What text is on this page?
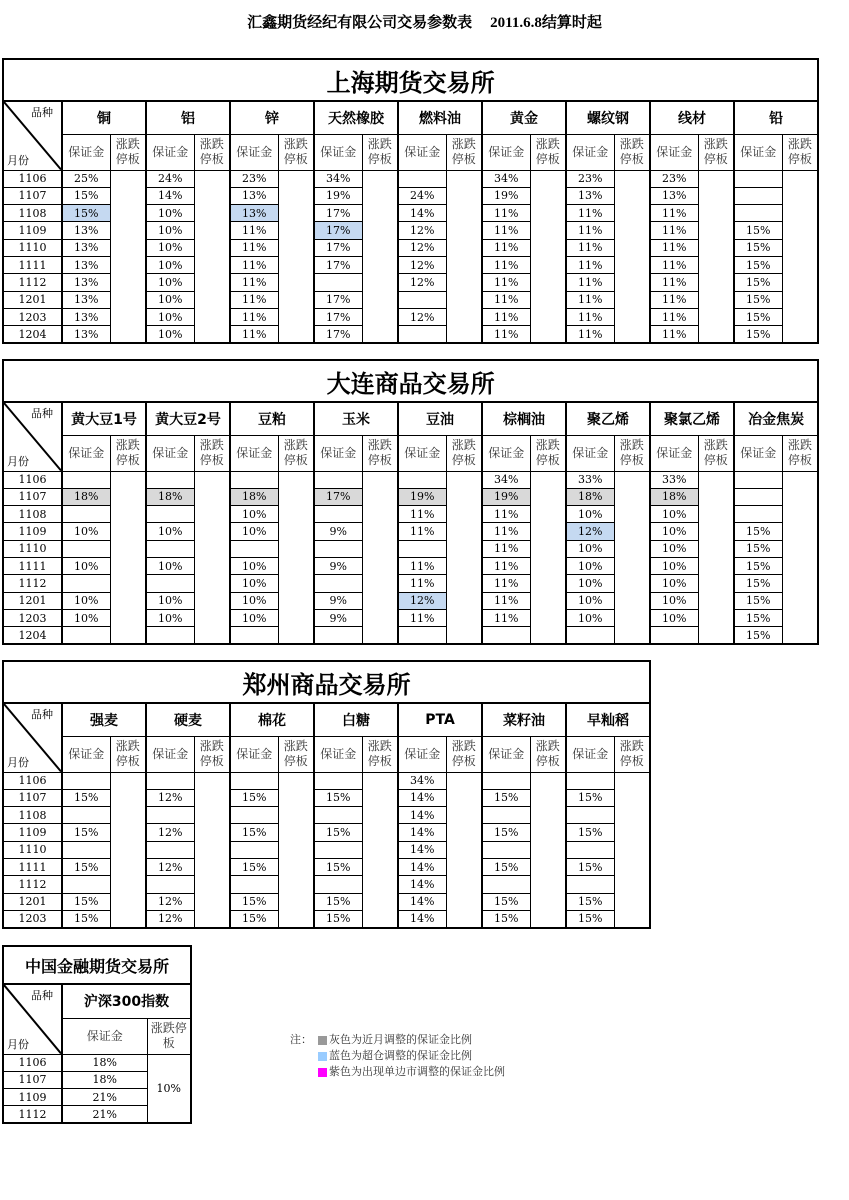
汇鑫期货经纪有限公司交易参数表 2011.6.8结算时起
上海期货交易所																		

品种
月份	铜		铝		锌		天然橡胶		燃料油		黄金		螺纹钢		线材		铅	
	保证金	涨跌停板	保证金	涨跌停板	保证金	涨跌停板	保证金	涨跌停板	保证金	涨跌停板	保证金	涨跌停板	保证金	涨跌停板	保证金	涨跌停板	保证金	涨跌停板
1106	25%		24%		23%		34%				34%		23%		23%			
1107	15%		14%		13%		19%		24%		19%		13%		13%			
1108	15%		10%		13%		17%		14%		11%		11%		11%			
1109	13%		10%		11%		17%		12%		11%		11%		11%		15%	
1110	13%		10%		11%		17%		12%		11%		11%		11%		15%	
1111	13%		10%		11%		17%		12%		11%		11%		11%		15%	
1112	13%		10%		11%				12%		11%		11%		11%		15%	
1201	13%		10%		11%		17%				11%		11%		11%		15%	
1203	13%		10%		11%		17%		12%		11%		11%		11%		15%	
1204	13%		10%		11%		17%				11%		11%		11%		15%	
大连商品交易所																		

品种
月份	黄大豆1号		黄大豆2号		豆粕		玉米		豆油		棕榈油		聚乙烯		聚氯乙烯		冶金焦炭	
	保证金	涨跌停板	保证金	涨跌停板	保证金	涨跌停板	保证金	涨跌停板	保证金	涨跌停板	保证金	涨跌停板	保证金	涨跌停板	保证金	涨跌停板	保证金	涨跌停板
1106											34%		33%		33%			
1107	18%		18%		18%		17%		19%		19%		18%		18%			
1108					10%				11%		11%		10%		10%			
1109	10%		10%		10%		9%		11%		11%		12%		10%		15%	
1110											11%		10%		10%		15%	
1111	10%		10%		10%		9%		11%		11%		10%		10%		15%	
1112					10%				11%		11%		10%		10%		15%	
1201	10%		10%		10%		9%		12%		11%		10%		10%		15%	
1203	10%		10%		10%		9%		11%		11%		10%		10%		15%	
1204																	15%	
郑州商品交易所														

品种
月份	强麦		硬麦		棉花		白糖		PTA		菜籽油		早籼稻	
	保证金	涨跌停板	保证金	涨跌停板	保证金	涨跌停板	保证金	涨跌停板	保证金	涨跌停板	保证金	涨跌停板	保证金	涨跌停板
1106									34%					
1107	15%		12%		15%		15%		14%		15%		15%	
1108									14%					
1109	15%		12%		15%		15%		14%		15%		15%	
1110									14%					
1111	15%		12%		15%		15%		14%		15%		15%	
1112									14%					
1201	15%		12%		15%		15%		14%		15%		15%	
1203	15%		12%		15%		15%		14%		15%		15%	
中国金融期货交易所		

品种
月份	沪深300指数	
	保证金	涨跌停板
1106	18%	10%
1107	18%	
1109	21%	
1112	21%	
注：	灰色为近月调整的保证金比例
蓝色为超仓调整的保证金比例
紫色为出现单边市调整的保证金比例
